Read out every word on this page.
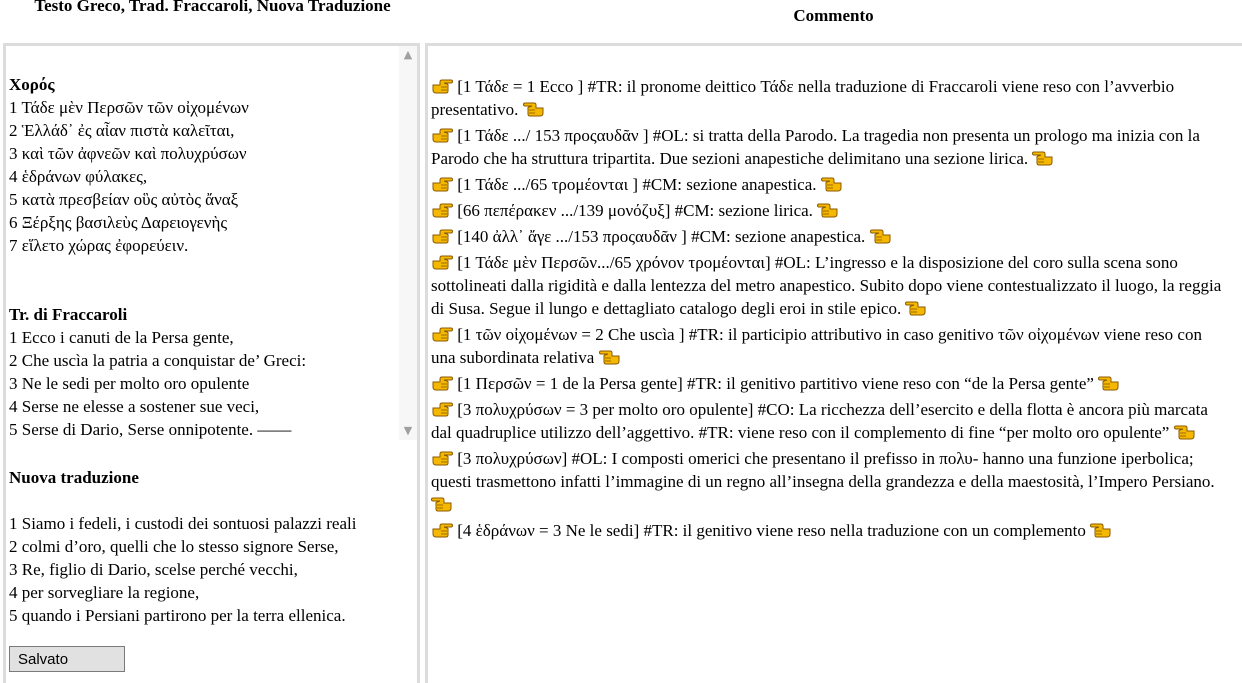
Testo Greco, Trad. Fraccaroli, Nuova Traduzione
Commento
Χορός
1 Τάδε μὲν Περσῶν τῶν οἰχομένων
2 Ἑλλάδ᾽ ἐς αἶαν πιστὰ καλεῖται,
3 καὶ τῶν ἀφνεῶν καὶ πολυχρύσων
4 ἑδράνων φύλακες,
5 κατὰ πρεσβείαν οὓς αὐτὸς ἄναξ
6 Ξέρξης βασιλεὺς Δαρειογενὴς
7 εἵλετο χώρας ἐφορεύειν.
Tr. di Fraccaroli
1 Ecco i canuti de la Persa gente,
2 Che uscìa la patria a conquistar de’ Greci:
3 Ne le sedi per molto oro opulente
4 Serse ne elesse a sostener sue veci,
5 Serse di Dario, Serse onnipotente. ——
▲
▼
Nuova traduzione
1 Siamo i fedeli, i custodi dei sontuosi palazzi reali
2 colmi d’oro, quelli che lo stesso signore Serse,
3 Re, figlio di Dario, scelse perché vecchi,
4 per sorvegliare la regione,
5 quando i Persiani partirono per la terra ellenica.
Salvato
[1 Τάδε = 1 Ecco ] #TR: il pronome deittico Τάδε nella traduzione di Fraccaroli viene reso con l’avverbio presentativo.
[1 Τάδε .../ 153 προςαυδᾶν ] #OL: si tratta della Parodo. La tragedia non presenta un prologo ma inizia con la Parodo che ha struttura tripartita. Due sezioni anapestiche delimitano una sezione lirica.
[1 Τάδε .../65 τρομέονται ] #CM: sezione anapestica.
[66 πεπέρακεν .../139 μονόζυξ] #CM: sezione lirica.
[140 ἀλλ᾽ ἄγε .../153 προςαυδᾶν ] #CM: sezione anapestica.
[1 Τάδε μὲν Περσῶν.../65 χρόνον τρομέονται] #OL: L’ingresso e la disposizione del coro sulla scena sono sottolineati dalla rigidità e dalla lentezza del metro anapestico. Subito dopo viene contestualizzato il luogo, la reggia di Susa. Segue il lungo e dettagliato catalogo degli eroi in stile epico.
[1 τῶν οἰχομένων = 2 Che uscìa ] #TR: il participio attributivo in caso genitivo τῶν οἰχομένων viene reso con una subordinata relativa
[1 Περσῶν = 1 de la Persa gente] #TR: il genitivo partitivo viene reso con “de la Persa gente”
[3 πολυχρύσων = 3 per molto oro opulente] #CO: La ricchezza dell’esercito e della flotta è ancora più marcata dal quadruplice utilizzo dell’aggettivo. #TR: viene reso con il complemento di fine “per molto oro opulente”
[3 πολυχρύσων] #OL: I composti omerici che presentano il prefisso in πολυ- hanno una funzione iperbolica; questi trasmettono infatti l’immagine di un regno all’insegna della grandezza e della maestosità, l’Impero Persiano.
[4 ἑδράνων = 3 Ne le sedi] #TR: il genitivo viene reso nella traduzione con un complemento
